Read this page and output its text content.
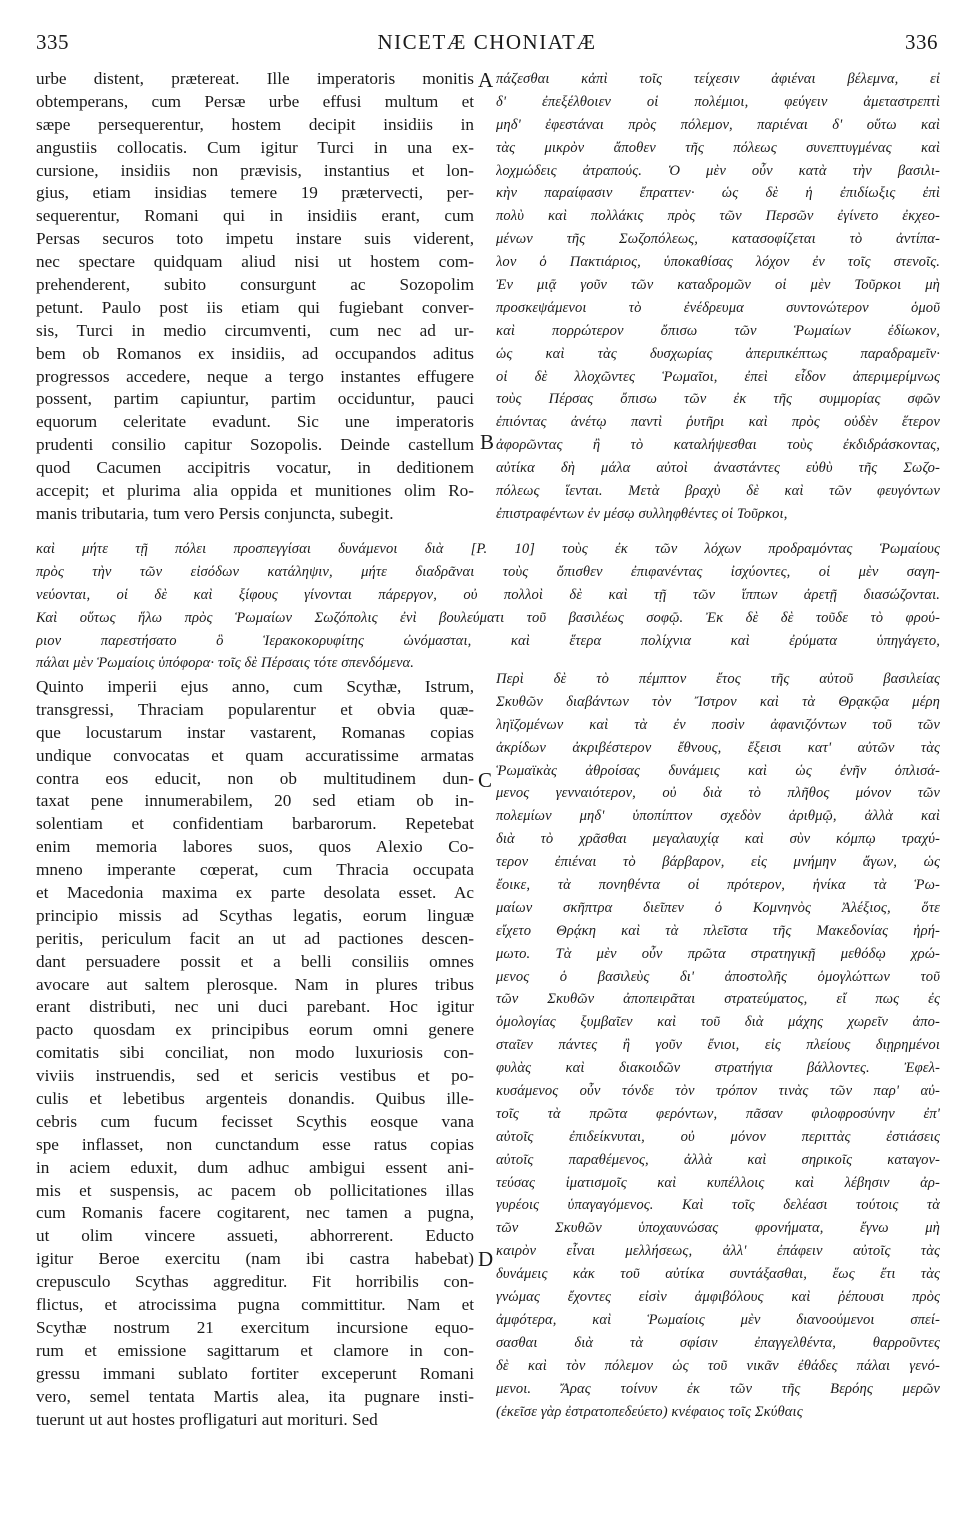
335	NICETÆ CHONIATÆ	336
A
B
C
D
urbe distent, prætereat. Ille imperatoris monitis
obtemperans, cum Persæ urbe effusi multum et
sæpe persequerentur, hostem decipit insidiis in
angustiis collocatis. Cum igitur Turci in una ex-
cursione, insidiis non prævisis, instantius et lon-
gius, etiam insidias temere 19 prætervecti, per-
sequerentur, Romani qui in insidiis erant, cum
Persas securos toto impetu instare suis viderent,
nec spectare quidquam aliud nisi ut hostem com-
prehenderent, subito consurgunt ac Sozopolim
petunt. Paulo post iis etiam qui fugiebant conver-
sis, Turci in medio circumventi, cum nec ad ur-
bem ob Romanos ex insidiis, ad occupandos aditus
progressos accedere, neque a tergo instantes effugere
possent, partim capiuntur, partim occiduntur, pauci
equorum celeritate evadunt. Sic une imperatoris
prudenti consilio capitur Sozopolis. Deinde castellum
quod Cacumen accipitris vocatur, in deditionem
accepit; et plurima alia oppida et munitiones olim Ro-
manis tributaria, tum vero Persis conjuncta, subegit.
πάζεσθαι κἀπὶ τοῖς τείχεσιν ἀφιέναι βέλεμνα, εἰ
δ' ἐπεξέλθοιεν οἱ πολέμιοι, φεύγειν ἀμεταστρεπτὶ
μηδ' ἐφεστάναι πρὸς πόλεμον, παριέναι δ' οὕτω καὶ
τὰς μικρὸν ἄποθεν τῆς πόλεως συνεπτυγμένας καὶ
λοχμώδεις ἀτραπούς. Ὁ μὲν οὖν κατὰ τὴν βασιλι-
κὴν παραίφασιν ἔπραττεν· ὡς δὲ ἡ ἐπιδίωξις ἐπὶ
πολὺ καὶ πολλάκις πρὸς τῶν Περσῶν ἐγίνετο ἐκχεο-
μένων τῆς Σωζοπόλεως, κατασοφίζεται τὸ ἀντίπα-
λον ὁ Πακτιάριος, ὑποκαθίσας λόχον ἐν τοῖς στενοῖς.
Ἐν μιᾷ γοῦν τῶν καταδρομῶν οἱ μὲν Τοῦρκοι μὴ
προσκεψάμενοι τὸ ἐνέδρευμα συντονώτερον ὁμοῦ
καὶ πορρώτερον ὄπισω τῶν Ῥωμαίων ἐδίωκον,
ὡς καὶ τὰς δυσχωρίας ἀπεριπκέπτως παραδραμεῖν·
οἱ δὲ λλοχῶντες Ῥωμαῖοι, ἐπεὶ εἶδον ἀπεριμερίμνως
τοὺς Πέρσας ὄπισω τῶν ἐκ τῆς συμμορίας σφῶν
ἐπιόντας ἀνέτῳ παντὶ ῥυτῆρι καὶ πρὸς οὐδὲν ἕτερον
ἀφορῶντας ἢ τὸ καταλήψεσθαι τοὺς ἐκδιδράσκοντας,
αὐτίκα δὴ μάλα αὐτοὶ ἀναστάντες εὐθὺ τῆς Σωζο-
πόλεως ἵενται. Μετὰ βραχὺ δὲ καὶ τῶν φευγόντων
ἐπιστραφέντων ἐν μέσῳ συλληφθέντες οἱ Τοῦρκοι,
καὶ μήτε τῇ πόλει προσπεγγίσαι δυνάμενοι διὰ [P. 10] τοὺς ἐκ τῶν λόχων προδραμόντας Ῥωμαίους
πρὸς τὴν τῶν εἰσόδων κατάληψιν, μήτε διαδρᾶναι τοὺς ὄπισθεν ἐπιφανέντας ἰσχύοντες, οἱ μὲν σαγη-
νεύονται, οἱ δὲ καὶ ξίφους γίνονται πάρεργον, οὐ πολλοὶ δὲ καὶ τῇ τῶν ἵππων ἀρετῇ διασώζονται.
Καὶ οὕτως ἥλω πρὸς Ῥωμαίων Σωζόπολις ἐνὶ βουλεύματι τοῦ βασιλέως σοφῷ. Ἐκ δὲ δὲ τοῦδε τὸ φρού-
ριον παρεστήσατο ὃ Ἱερακοκορυφίτης ὠνόμασται, καὶ ἕτερα πολίχνια καὶ ἐρύματα ὑπηγάγετο,
πάλαι μὲν Ῥωμαίοις ὑπόφορα· τοῖς δὲ Πέρσαις τότε σπενδόμενα.
Quinto imperii ejus anno, cum Scythæ, Istrum,
transgressi, Thraciam popularentur et obvia quæ-
que locustarum instar vastarent, Romanas copias
undique convocatas et quam accuratissime armatas
contra eos educit, non ob multitudinem dun-
taxat pene innumerabilem, 20 sed etiam ob in-
solentiam et confidentiam barbarorum. Repetebat
enim memoria labores suos, quos Alexio Co-
mneno imperante cœperat, cum Thracia occupata
et Macedonia maxima ex parte desolata esset. Ac
principio missis ad Scythas legatis, eorum linguæ
peritis, periculum facit an ut ad pactiones descen-
dant persuadere possit et a belli consiliis omnes
avocare aut saltem plerosque. Nam in plures tribus
erant distributi, nec uni duci parebant. Hoc igitur
pacto quosdam ex principibus eorum omni genere
comitatis sibi conciliat, non modo luxuriosis con-
viviis instruendis, sed et sericis vestibus et po-
culis et lebetibus argenteis donandis. Quibus ille-
cebris cum fucum fecisset Scythis eosque vana
spe inflasset, non cunctandum esse ratus copias
in aciem eduxit, dum adhuc ambigui essent ani-
mis et suspensis, ac pacem ob pollicitationes illas
cum Romanis facere cogitarent, nec tamen a pugna,
ut olim vincere assueti, abhorrerent. Educto
igitur Beroe exercitu (nam ibi castra habebat)
crepusculo Scythas aggreditur. Fit horribilis con-
flictus, et atrocissima pugna committitur. Nam et
Scythæ nostrum 21 exercitum incursione equo-
rum et emissione sagittarum et clamore in con-
gressu immani sublato fortiter exceperunt Romani
vero, semel tentata Martis alea, ita pugnare insti-
tuerunt ut aut hostes profligaturi aut morituri. Sed
Περὶ δὲ τὸ πέμπτον ἔτος τῆς αὐτοῦ βασιλείας
Σκυθῶν διαβάντων τὸν Ἴστρον καὶ τὰ Θρᾳκῷα μέρη
ληϊζομένων καὶ τὰ ἐν ποσὶν ἀφανιζόντων τοῦ τῶν
ἀκρίδων ἀκριβέστερον ἔθνους, ἔξεισι κατ' αὐτῶν τὰς
Ῥωμαϊκὰς ἀθροίσας δυνάμεις καὶ ὡς ἐνῆν ὁπλισά-
μενος γενναιότερον, οὐ διὰ τὸ πλῆθος μόνον τῶν
πολεμίων μηδ' ὑποπίπτον σχεδὸν ἀριθμῷ, ἀλλὰ καὶ
διὰ τὸ χρᾶσθαι μεγαλαυχίᾳ καὶ σὺν κόμπῳ τραχύ-
τερον ἐπιέναι τὸ βάρβαρον, εἰς μνήμην ἄγων, ὡς
ἔοικε, τὰ πονηθέντα οἱ πρότερον, ἡνίκα τὰ Ῥω-
μαίων σκῆπτρα διεῖπεν ὁ Κομνηνὸς Ἀλέξιος, ὅτε
εἴχετο Θρᾴκη καὶ τὰ πλεῖστα τῆς Μακεδονίας ἠρή-
μωτο. Τὰ μὲν οὖν πρῶτα στρατηγικῇ μεθόδῳ χρώ-
μενος ὁ βασιλεὺς δι' ἀποστολῆς ὁμογλώττων τοῦ
τῶν Σκυθῶν ἀποπειρᾶται στρατεύματος, εἴ πως ἐς
ὁμολογίας ξυμβαῖεν καὶ τοῦ διὰ μάχης χωρεῖν ἀπο-
σταῖεν πάντες ἢ γοῦν ἔνιοι, εἰς πλείους διῃρημένοι
φυλὰς καὶ διακοιδῶν στρατήγια βάλλοντες. Ἐφελ-
κυσάμενος οὖν τόνδε τὸν τρόπον τινὰς τῶν παρ' αὐ-
τοῖς τὰ πρῶτα φερόντων, πᾶσαν φιλοφροσύνην ἐπ'
αὐτοῖς ἐπιδείκνυται, οὐ μόνον περιττὰς ἐστιάσεις
αὐτοῖς παραθέμενος, ἀλλὰ καὶ σηρικοῖς καταγον-
τεύσας ἱματισμοῖς καὶ κυπέλλοις καὶ λέβησιν ἀρ-
γυρέοις ὑπαγαγόμενος. Καὶ τοῖς δελέασι τούτοις τὰ
τῶν Σκυθῶν ὑποχαυνώσας φρονήματα, ἔγνω μὴ
καιρὸν εἶναι μελλήσεως, ἀλλ' ἐπάφειν αὐτοῖς τὰς
δυνάμεις κἀκ τοῦ αὐτίκα συντάξασθαι, ἕως ἔτι τὰς
γνώμας ἔχοντες εἰσὶν ἀμφιβόλους καὶ ῥέπουσι πρὸς
ἀμφότερα, καὶ Ῥωμαίοις μὲν διανοούμενοι σπεί-
σασθαι διὰ τὰ σφίσιν ἐπαγγελθέντα, θαρροῦντες
δὲ καὶ τὸν πόλεμον ὡς τοῦ νικᾶν ἐθάδες πάλαι γενό-
μενοι. Ἄρας τοίνυν ἐκ τῶν τῆς Βερόης μερῶν
(ἐκεῖσε γὰρ ἐστρατοπεδεύετο) κνέφαιος τοῖς Σκύθαις
